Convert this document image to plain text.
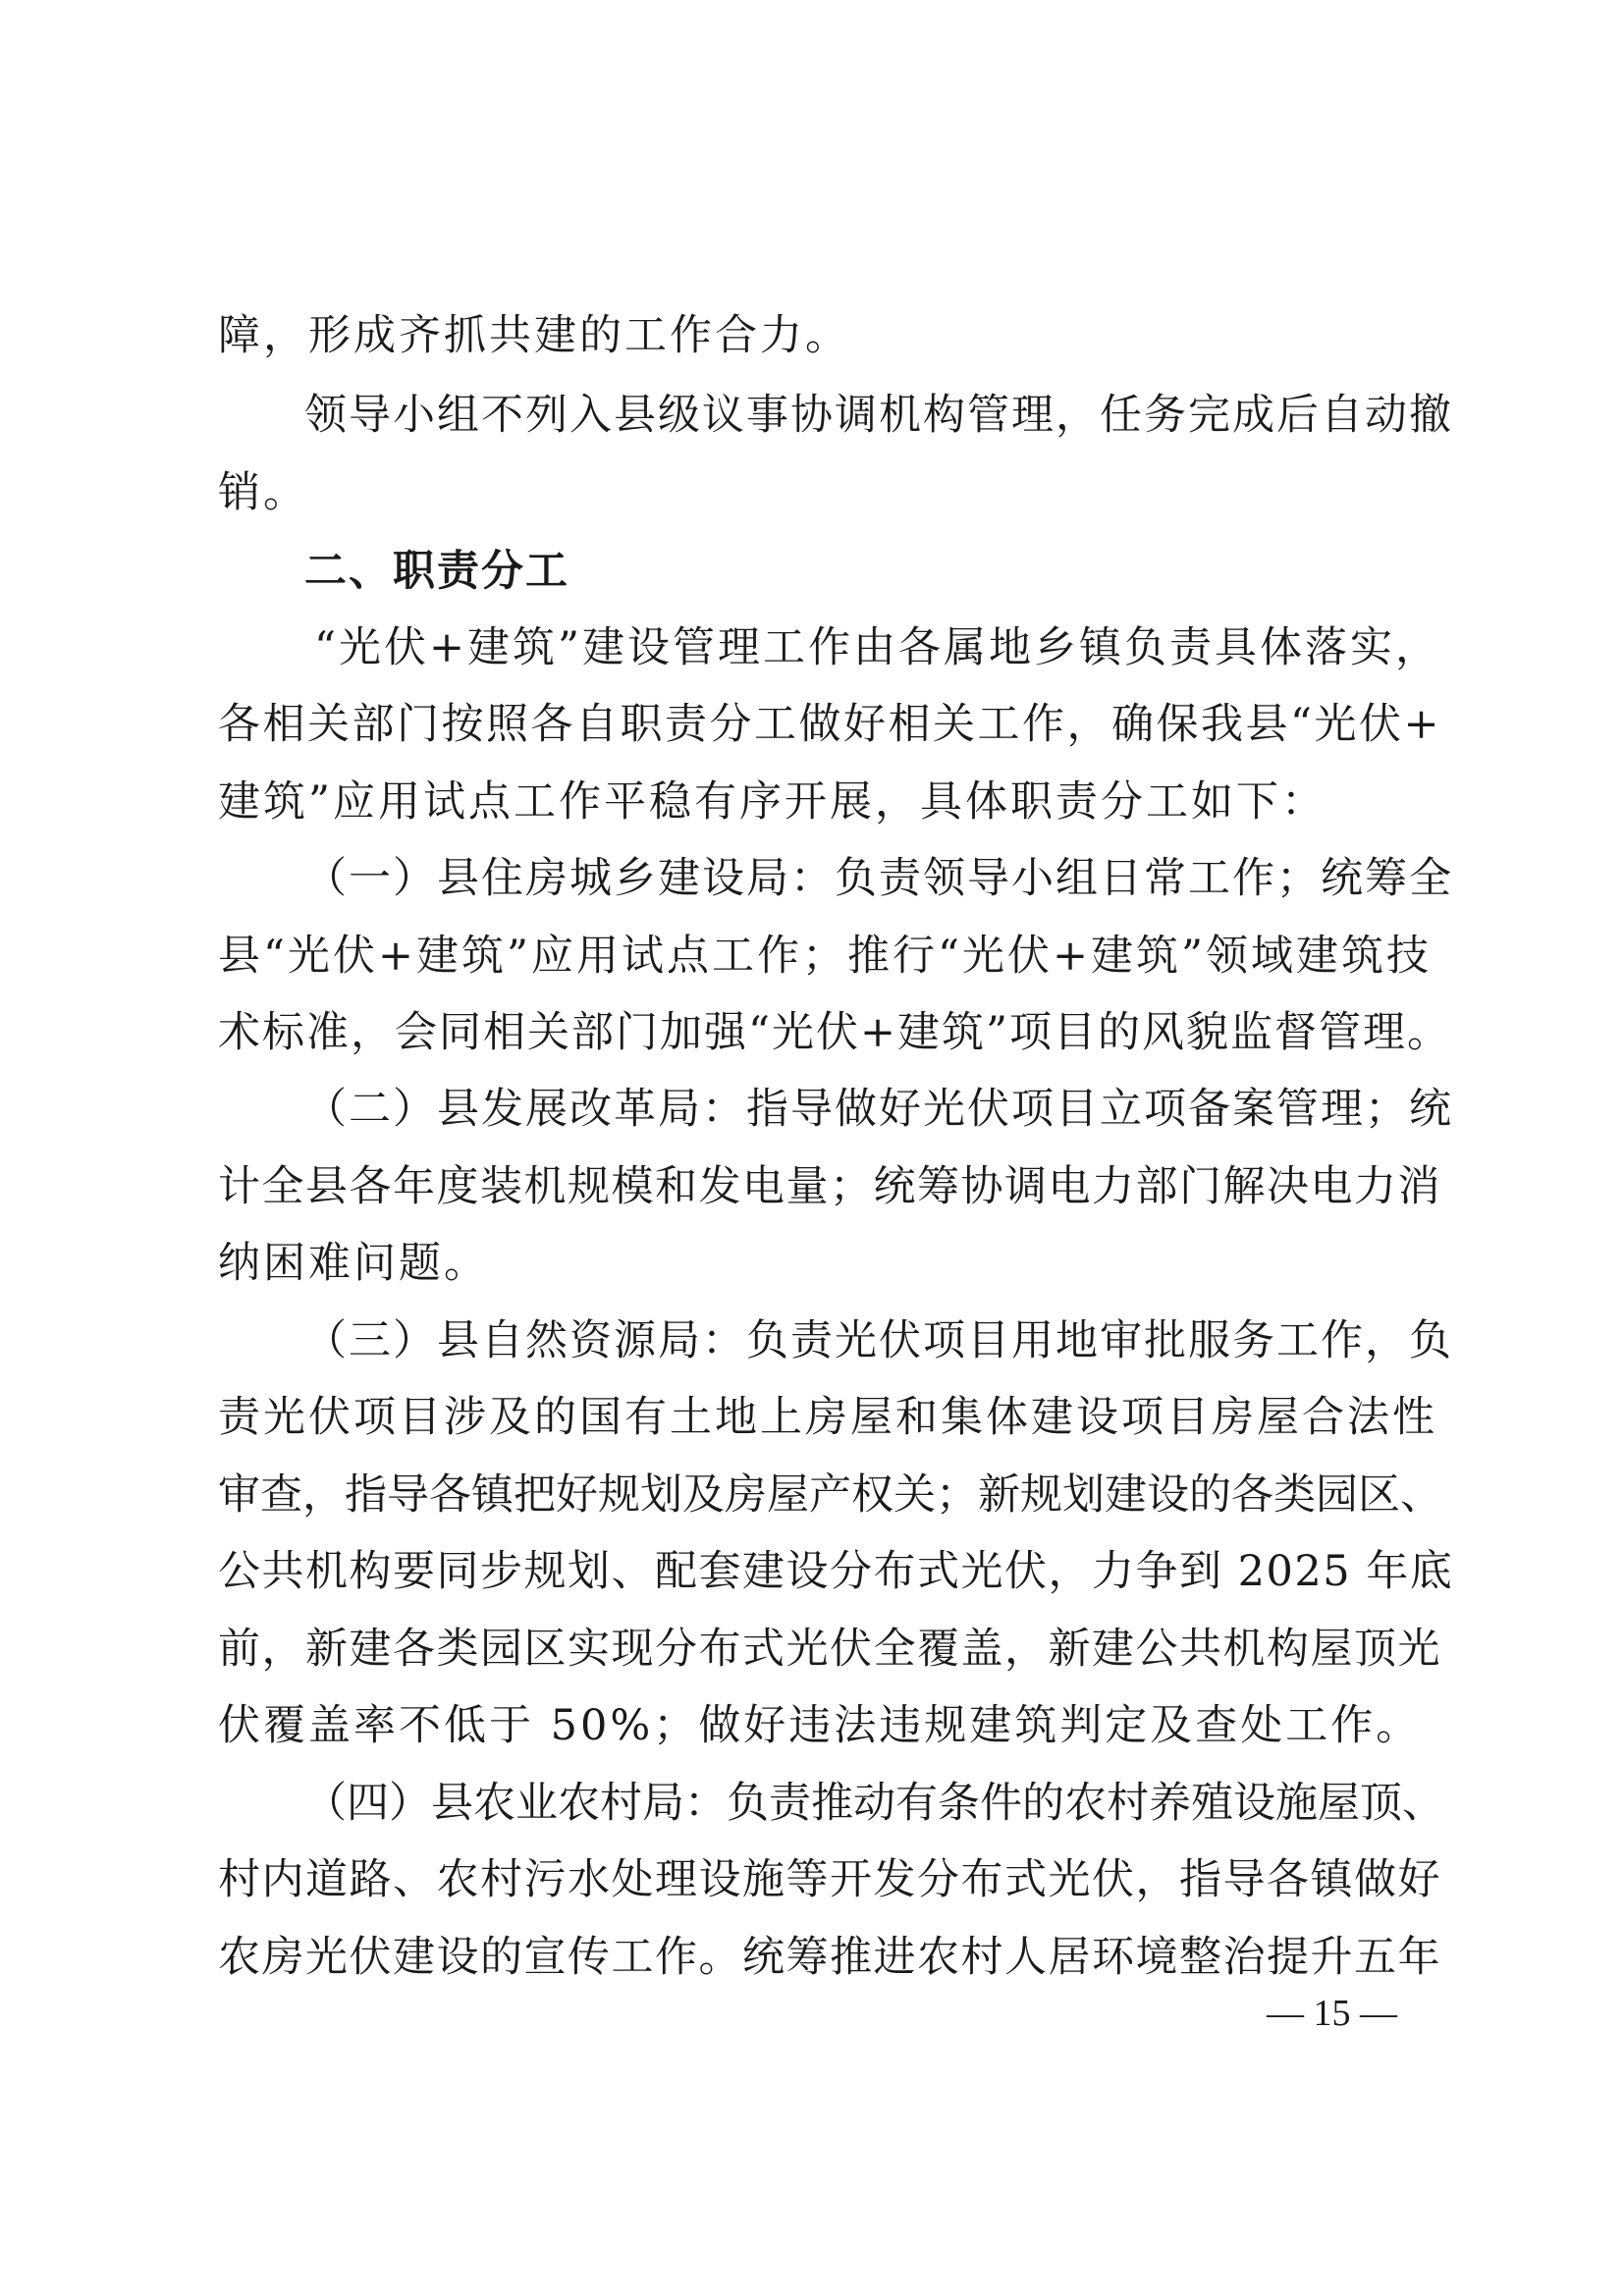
障，形成齐抓共建的工作合力。
领导小组不列入县级议事协调机构管理，任务完成后自动撤
销。
二、职责分工
“光伏+建筑”建设管理工作由各属地乡镇负责具体落实，
各相关部门按照各自职责分工做好相关工作，确保我县“光伏+
建筑”应用试点工作平稳有序开展，具体职责分工如下：
（一）县住房城乡建设局：负责领导小组日常工作；统筹全
县“光伏+建筑”应用试点工作；推行“光伏+建筑”领域建筑技
术标准，会同相关部门加强“光伏+建筑”项目的风貌监督管理。
（二）县发展改革局：指导做好光伏项目立项备案管理；统
计全县各年度装机规模和发电量；统筹协调电力部门解决电力消
纳困难问题。
（三）县自然资源局：负责光伏项目用地审批服务工作，负
责光伏项目涉及的国有土地上房屋和集体建设项目房屋合法性
审查，指导各镇把好规划及房屋产权关；新规划建设的各类园区、
公共机构要同步规划、配套建设分布式光伏，力争到 2025 年底
前，新建各类园区实现分布式光伏全覆盖，新建公共机构屋顶光
伏覆盖率不低于 50%；做好违法违规建筑判定及查处工作。
（四）县农业农村局：负责推动有条件的农村养殖设施屋顶、
村内道路、农村污水处理设施等开发分布式光伏，指导各镇做好
农房光伏建设的宣传工作。统筹推进农村人居环境整治提升五年
— 15 —
